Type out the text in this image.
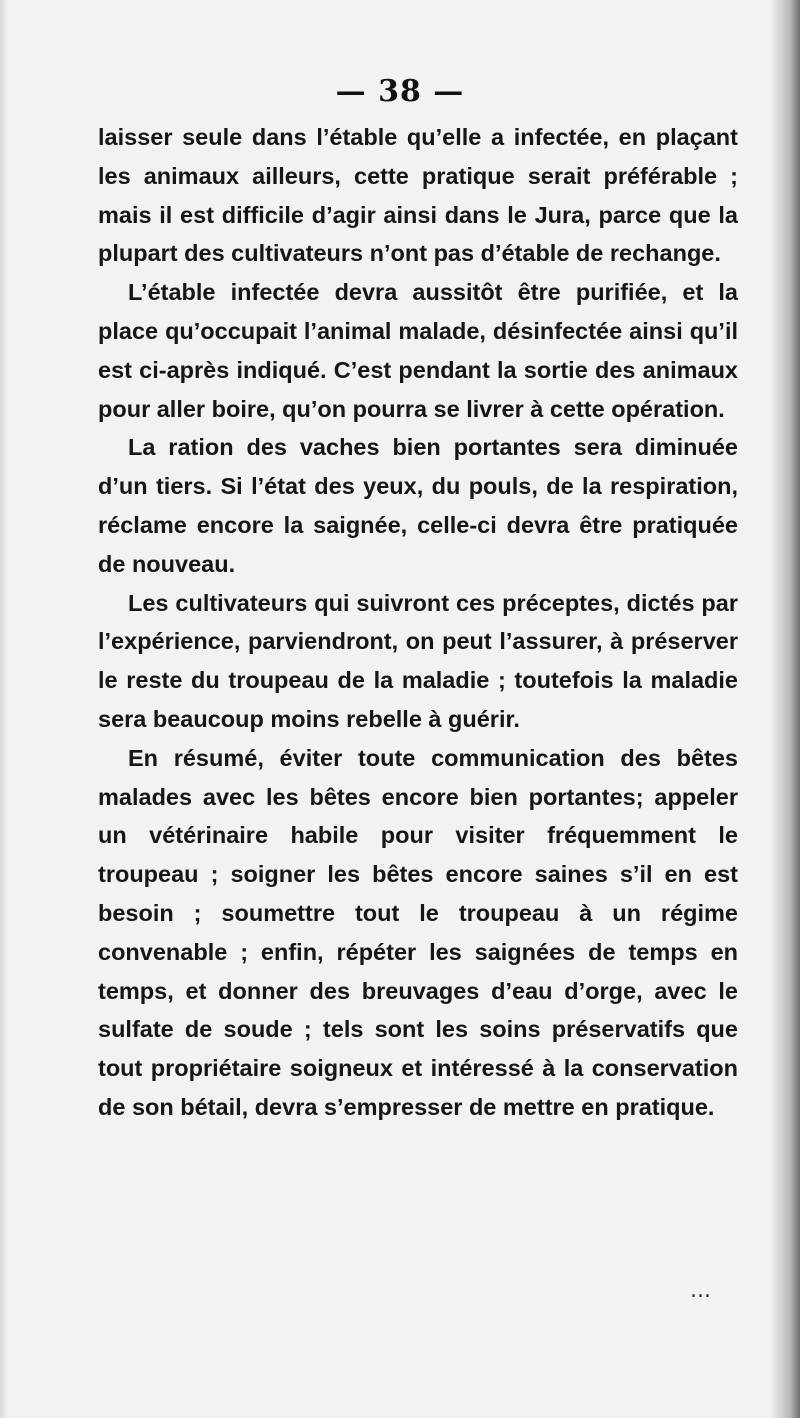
— 38 —

laisser seule dans l’étable qu’elle a infectée, en plaçant les animaux ailleurs, cette pratique serait préférable ; mais il est difficile d’agir ainsi dans le Jura, parce que la plupart des cultivateurs n’ont pas d’étable de rechange.

L’étable infectée devra aussitôt être purifiée, et la place qu’occupait l’animal malade, désinfectée ainsi qu’il est ci-après indiqué. C’est pendant la sortie des animaux pour aller boire, qu’on pourra se livrer à cette opération.

La ration des vaches bien portantes sera diminuée d’un tiers. Si l’état des yeux, du pouls, de la respiration, réclame encore la saignée, celle-ci devra être pratiquée de nouveau.

Les cultivateurs qui suivront ces préceptes, dictés par l’expérience, parviendront, on peut l’assurer, à préserver le reste du troupeau de la maladie ; toutefois la maladie sera beaucoup moins rebelle à guérir.

En résumé, éviter toute communication des bêtes malades avec les bêtes encore bien portantes; appeler un vétérinaire habile pour visiter fréquemment le troupeau ; soigner les bêtes encore saines s’il en est besoin ; soumettre tout le troupeau à un régime convenable ; enfin, répéter les saignées de temps en temps, et donner des breuvages d’eau d’orge, avec le sulfate de soude ; tels sont les soins préservatifs que tout propriétaire soigneux et intéressé à la conservation de son bétail, devra s’empresser de mettre en pratique.

...
